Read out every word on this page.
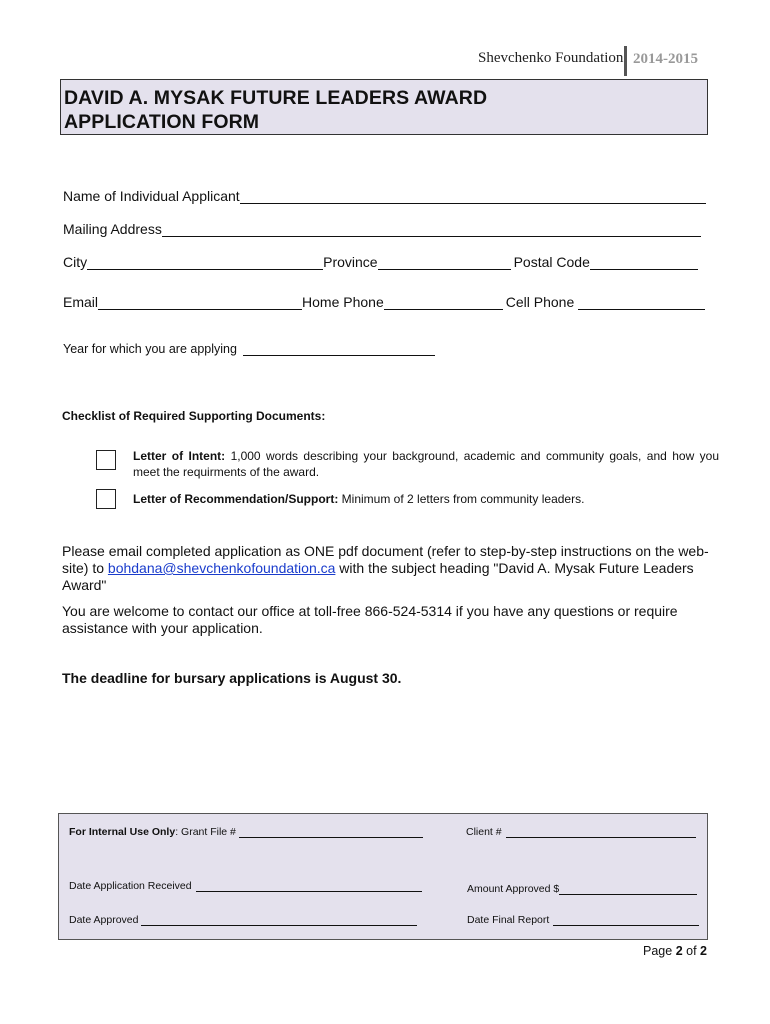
Shevchenko Foundation 2014-2015
DAVID A. MYSAK FUTURE LEADERS AWARD
APPLICATION FORM
Name of Individual Applicant
Mailing Address
City	Province	Postal Code
Email	Home Phone	Cell Phone
Year for which you are applying
Checklist of Required Supporting Documents:
Letter of Intent: 1,000 words describing your background, academic and community goals, and how you meet the requirments of the award.
Letter of Recommendation/Support: Minimum of 2 letters from community leaders.
Please email completed application as ONE pdf document (refer to step-by-step instructions on the web-site) to bohdana@shevchenkofoundation.ca with the subject heading "David A. Mysak Future Leaders Award"
You are welcome to contact our office at toll-free 866-524-5314 if you have any questions or require assistance with your application.
The deadline for bursary applications is August 30.
For Internal Use Only: Grant File #	Client #
Date Application Received	Amount Approved $
Date Approved	Date Final Report
Page 2 of 2
